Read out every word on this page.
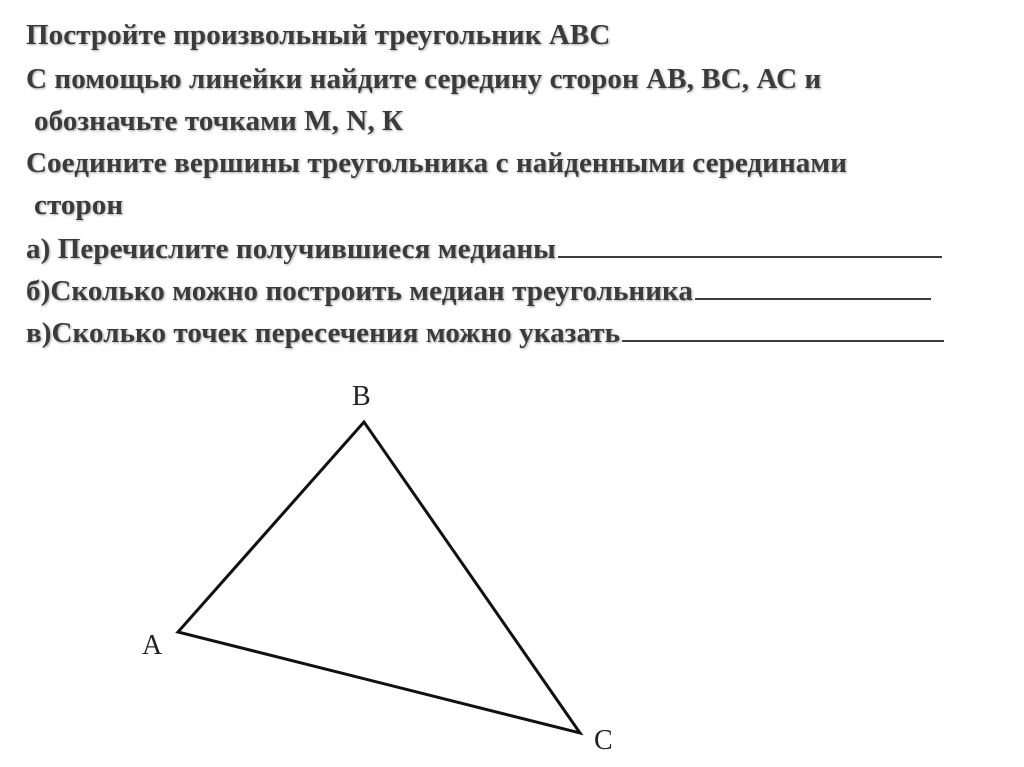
Постройте произвольный треугольник АВС
С помощью линейки найдите середину сторон АВ, ВС, АС и
обозначьте точками M, N, К
Соедините вершины треугольника с найденными серединами
сторон
а) Перечислите получившиеся медианы
б)Сколько можно построить медиан треугольника
в)Сколько точек пересечения можно указать
В
А
С
